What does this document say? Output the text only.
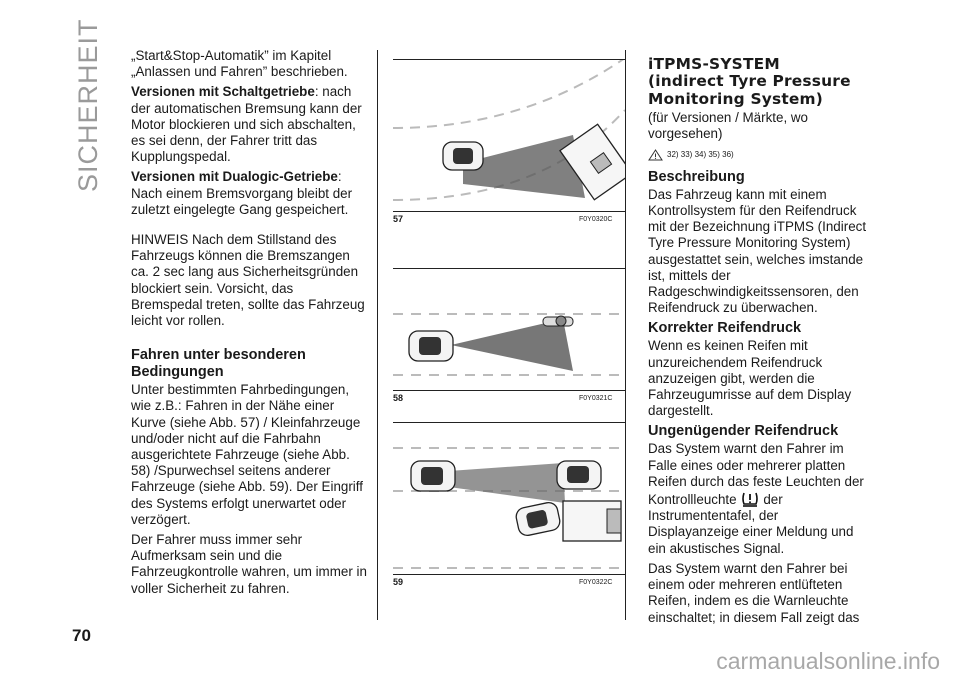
SICHERHEIT
70
carmanualsonline.info

„Start&Stop-Automatik” im Kapitel „Anlassen und Fahren” beschrieben.

Versionen mit Schaltgetriebe: nach der automatischen Bremsung kann der Motor blockieren und sich abschalten, es sei denn, der Fahrer tritt das Kupplungspedal.

Versionen mit Dualogic-Getriebe: Nach einem Bremsvorgang bleibt der zuletzt eingelegte Gang gespeichert.

HINWEIS Nach dem Stillstand des Fahrzeugs können die Bremszangen ca. 2 sec lang aus Sicherheitsgründen blockiert sein. Vorsicht, das Bremspedal treten, sollte das Fahrzeug leicht vor rollen.

Fahren unter besonderen Bedingungen

Unter bestimmten Fahrbedingungen, wie z.B.: Fahren in der Nähe einer Kurve (siehe Abb. 57) / Kleinfahrzeuge und/oder nicht auf die Fahrbahn ausgerichtete Fahrzeuge (siehe Abb. 58) /Spurwechsel seitens anderer Fahrzeuge (siehe Abb. 59). Der Eingriff des Systems erfolgt unerwartet oder verzögert.

Der Fahrer muss immer sehr Aufmerksam sein und die Fahrzeugkontrolle wahren, um immer in voller Sicherheit zu fahren.

57	F0Y0320C
58	F0Y0321C
59	F0Y0322C
iTPMS-SYSTEM
(indirect Tyre Pressure
Monitoring System)

(für Versionen / Märkte, wo vorgesehen)

32) 33) 34) 35) 36)
Beschreibung

Das Fahrzeug kann mit einem Kontrollsystem für den Reifendruck mit der Bezeichnung iTPMS (Indirect Tyre Pressure Monitoring System) ausgestattet sein, welches imstande ist, mittels der Radgeschwindigkeitssensoren, den Reifendruck zu überwachen.

Korrekter Reifendruck

Wenn es keinen Reifen mit unzureichendem Reifendruck anzuzeigen gibt, werden die Fahrzeugumrisse auf dem Display dargestellt.

Ungenügender Reifendruck

Das System warnt den Fahrer im Falle eines oder mehrerer platten Reifen durch das feste Leuchten der Kontrollleuchte der Instrumententafel, der Displayanzeige einer Meldung und ein akustisches Signal.

Das System warnt den Fahrer bei einem oder mehreren entlüfteten Reifen, indem es die Warnleuchte einschaltet; in diesem Fall zeigt das
